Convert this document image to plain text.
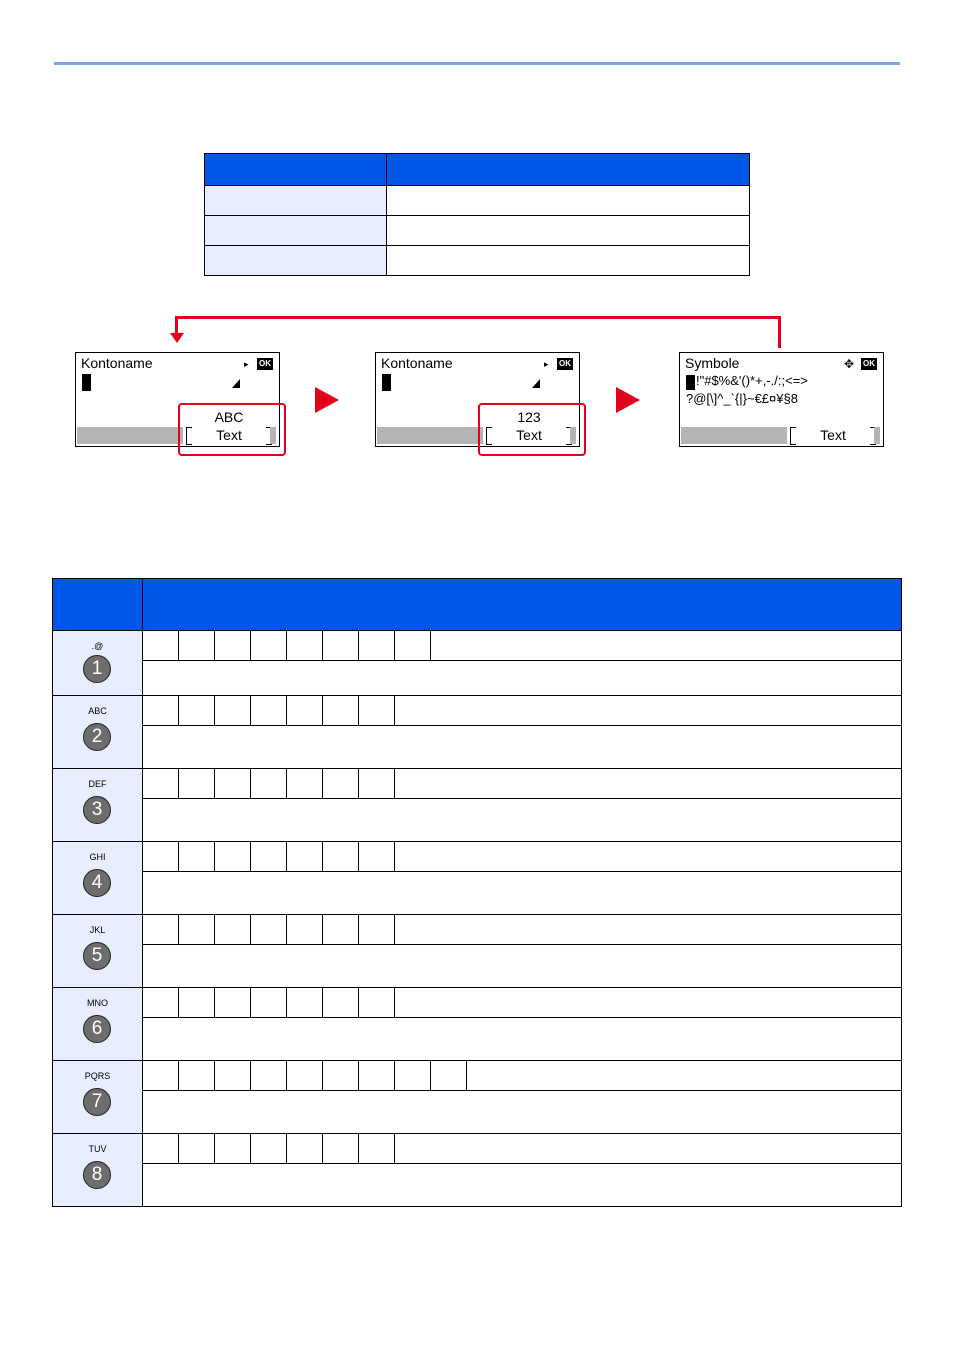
Kontoname	▸ OK
ABC
Text
Kontoname	▸ OK
123
Text
Symbole	✥ OK
!"#$%&'()*+,-./:;<=>
?@[\]^_`{|}~€£¤¥§8
Text

.@
1	

ABC
2	

DEF
3	

GHI
4	

JKL
5	

MNO
6	

PQRS
7	

TUV
8	
